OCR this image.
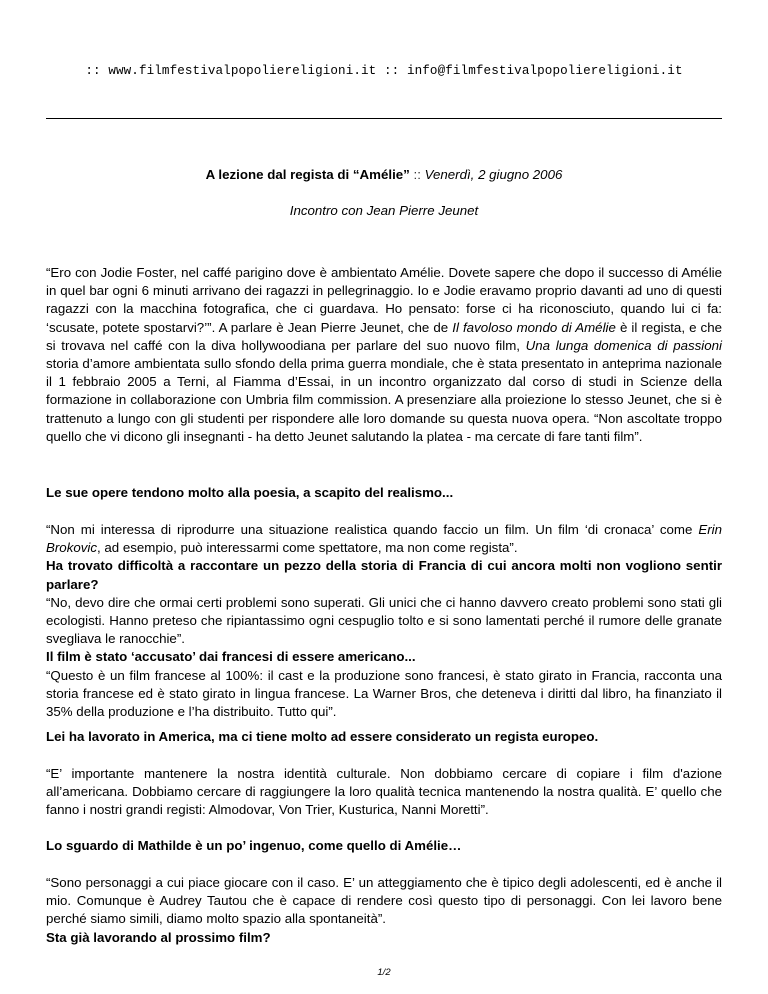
:: www.filmfestivalpopoliereligioni.it :: info@filmfestivalpopoliereligioni.it
A lezione dal regista di “Amélie” :: Venerdì, 2 giugno 2006
Incontro con Jean Pierre Jeunet

“Ero con Jodie Foster, nel caffé parigino dove è ambientato Amélie. Dovete sapere che dopo il successo di Amélie in quel bar ogni 6 minuti arrivano dei ragazzi in pellegrinaggio. Io e Jodie eravamo proprio davanti ad uno di questi ragazzi con la macchina fotografica, che ci guardava. Ho pensato: forse ci ha riconosciuto, quando lui ci fa: ‘scusate, potete spostarvi?’”. A parlare è Jean Pierre Jeunet, che de Il favoloso mondo di Amélie è il regista, e che si trovava nel caffé con la diva hollywoodiana per parlare del suo nuovo film, Una lunga domenica di passioni storia d’amore ambientata sullo sfondo della prima guerra mondiale, che è stata presentato in anteprima nazionale il 1 febbraio 2005 a Terni, al Fiamma d’Essai, in un incontro organizzato dal corso di studi in Scienze della formazione in collaborazione con Umbria film commission. A presenziare alla proiezione lo stesso Jeunet, che si è trattenuto a lungo con gli studenti per rispondere alle loro domande su questa nuova opera. “Non ascoltate troppo quello che vi dicono gli insegnanti - ha detto Jeunet salutando la platea - ma cercate di fare tanti film”.

Le sue opere tendono molto alla poesia, a scapito del realismo...

“Non mi interessa di riprodurre una situazione realistica quando faccio un film. Un film ‘di cronaca’ come Erin Brokovic, ad esempio, può interessarmi come spettatore, ma non come regista”.

Ha trovato difficoltà a raccontare un pezzo della storia di Francia di cui ancora molti non vogliono sentir parlare?

“No, devo dire che ormai certi problemi sono superati. Gli unici che ci hanno davvero creato problemi sono stati gli ecologisti. Hanno preteso che ripiantassimo ogni cespuglio tolto e si sono lamentati perché il rumore delle granate svegliava le ranocchie”.

Il film è stato ‘accusato’ dai francesi di essere americano...

“Questo è un film francese al 100%: il cast e la produzione sono francesi, è stato girato in Francia, racconta una storia francese ed è stato girato in lingua francese. La Warner Bros, che deteneva i diritti dal libro, ha finanziato il 35% della produzione e l’ha distribuito. Tutto qui”.

Lei ha lavorato in America, ma ci tiene molto ad essere considerato un regista europeo.

“E’ importante mantenere la nostra identità culturale. Non dobbiamo cercare di copiare i film d'azione all’americana. Dobbiamo cercare di raggiungere la loro qualità tecnica mantenendo la nostra qualità. E’ quello che fanno i nostri grandi registi: Almodovar, Von Trier, Kusturica, Nanni Moretti”.

Lo sguardo di Mathilde è un po’ ingenuo, come quello di Amélie…

“Sono personaggi a cui piace giocare con il caso. E’ un atteggiamento che è tipico degli adolescenti, ed è anche il mio. Comunque è Audrey Tautou che è capace di rendere così questo tipo di personaggi. Con lei lavoro bene perché siamo simili, diamo molto spazio alla spontaneità”.

Sta già lavorando al prossimo film?

1/2
